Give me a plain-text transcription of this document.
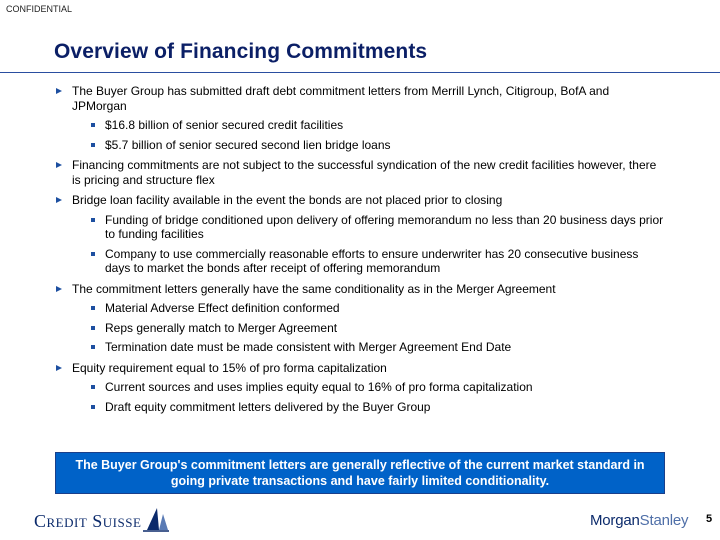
CONFIDENTIAL
Overview of Financing Commitments
The Buyer Group has submitted draft debt commitment letters from Merrill Lynch, Citigroup, BofA and JPMorgan
$16.8 billion of senior secured credit facilities
$5.7 billion of senior secured second lien bridge loans
Financing commitments are not subject to the successful syndication of the new credit facilities however, there is pricing and structure flex
Bridge loan facility available in the event the bonds are not placed prior to closing
Funding of bridge conditioned upon delivery of offering memorandum no less than 20 business days prior to funding facilities
Company to use commercially reasonable efforts to ensure underwriter has 20 consecutive business days to market the bonds after receipt of offering memorandum
The commitment letters generally have the same conditionality as in the Merger Agreement
Material Adverse Effect definition conformed
Reps generally match to Merger Agreement
Termination date must be made consistent with Merger Agreement End Date
Equity requirement equal to 15% of pro forma capitalization
Current sources and uses implies equity equal to 16% of pro forma capitalization
Draft equity commitment letters delivered by the Buyer Group
The Buyer Group's commitment letters are generally reflective of the current market standard in going private transactions and have fairly limited conditionality.
Credit Suisse	MorganStanley 5
